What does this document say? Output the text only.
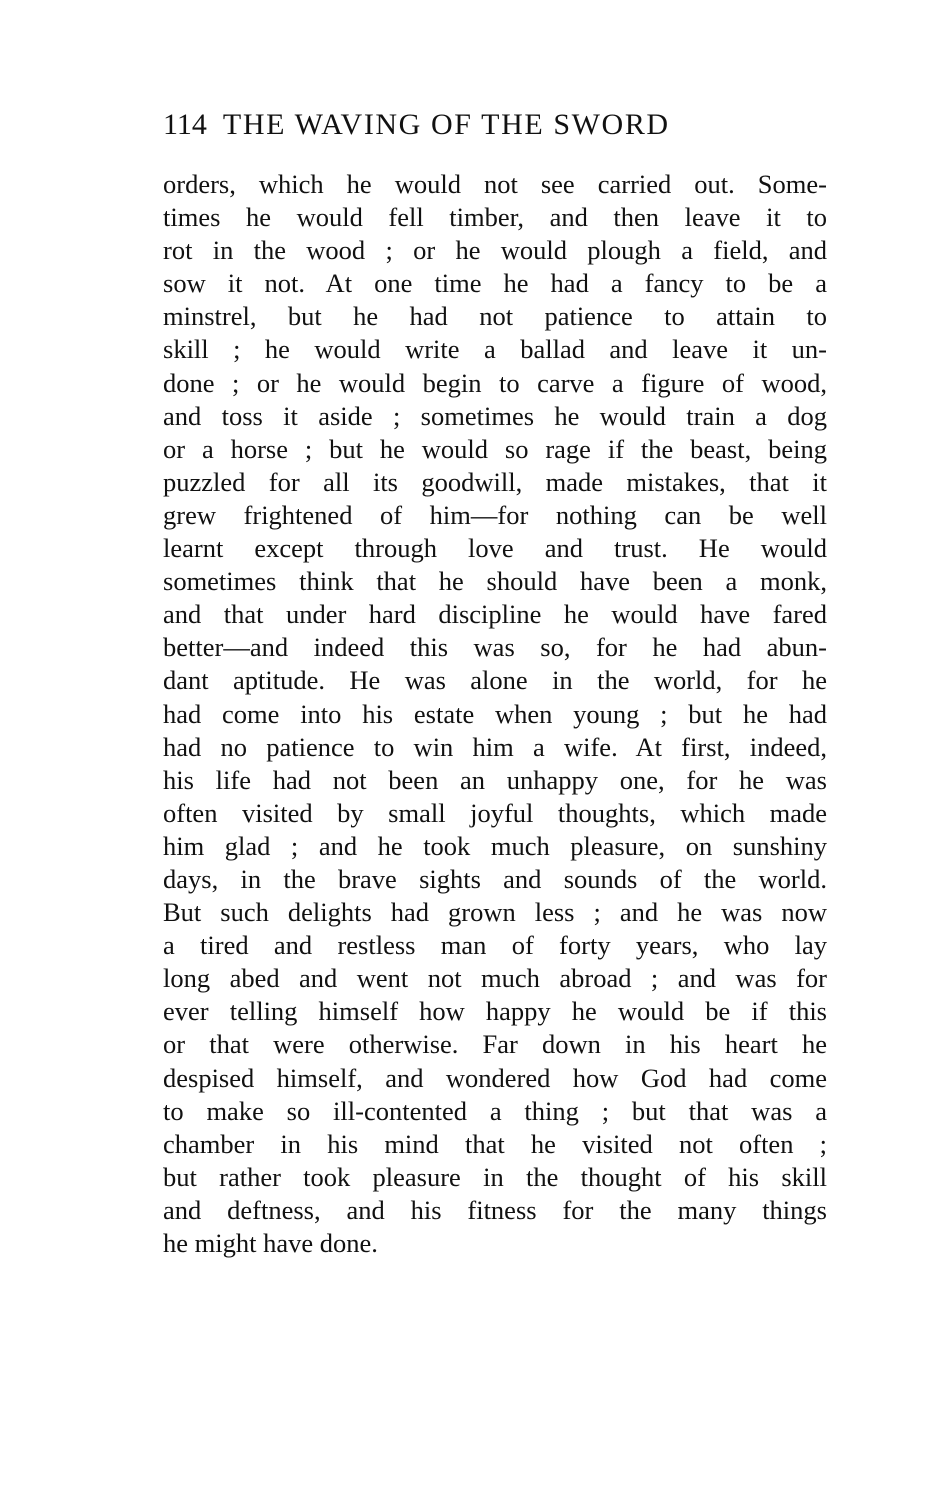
114 THE WAVING OF THE SWORD
orders, which he would not see carried out. Some-
times he would fell timber, and then leave it to
rot in the wood ; or he would plough a field, and
sow it not. At one time he had a fancy to be a
minstrel, but he had not patience to attain to
skill ; he would write a ballad and leave it un-
done ; or he would begin to carve a figure of wood,
and toss it aside ; sometimes he would train a dog
or a horse ; but he would so rage if the beast, being
puzzled for all its goodwill, made mistakes, that it
grew frightened of him—for nothing can be well
learnt except through love and trust. He would
sometimes think that he should have been a monk,
and that under hard discipline he would have fared
better—and indeed this was so, for he had abun-
dant aptitude. He was alone in the world, for he
had come into his estate when young ; but he had
had no patience to win him a wife. At first, indeed,
his life had not been an unhappy one, for he was
often visited by small joyful thoughts, which made
him glad ; and he took much pleasure, on sunshiny
days, in the brave sights and sounds of the world.
But such delights had grown less ; and he was now
a tired and restless man of forty years, who lay
long abed and went not much abroad ; and was for
ever telling himself how happy he would be if this
or that were otherwise. Far down in his heart he
despised himself, and wondered how God had come
to make so ill-contented a thing ; but that was a
chamber in his mind that he visited not often ;
but rather took pleasure in the thought of his skill
and deftness, and his fitness for the many things
he might have done.
